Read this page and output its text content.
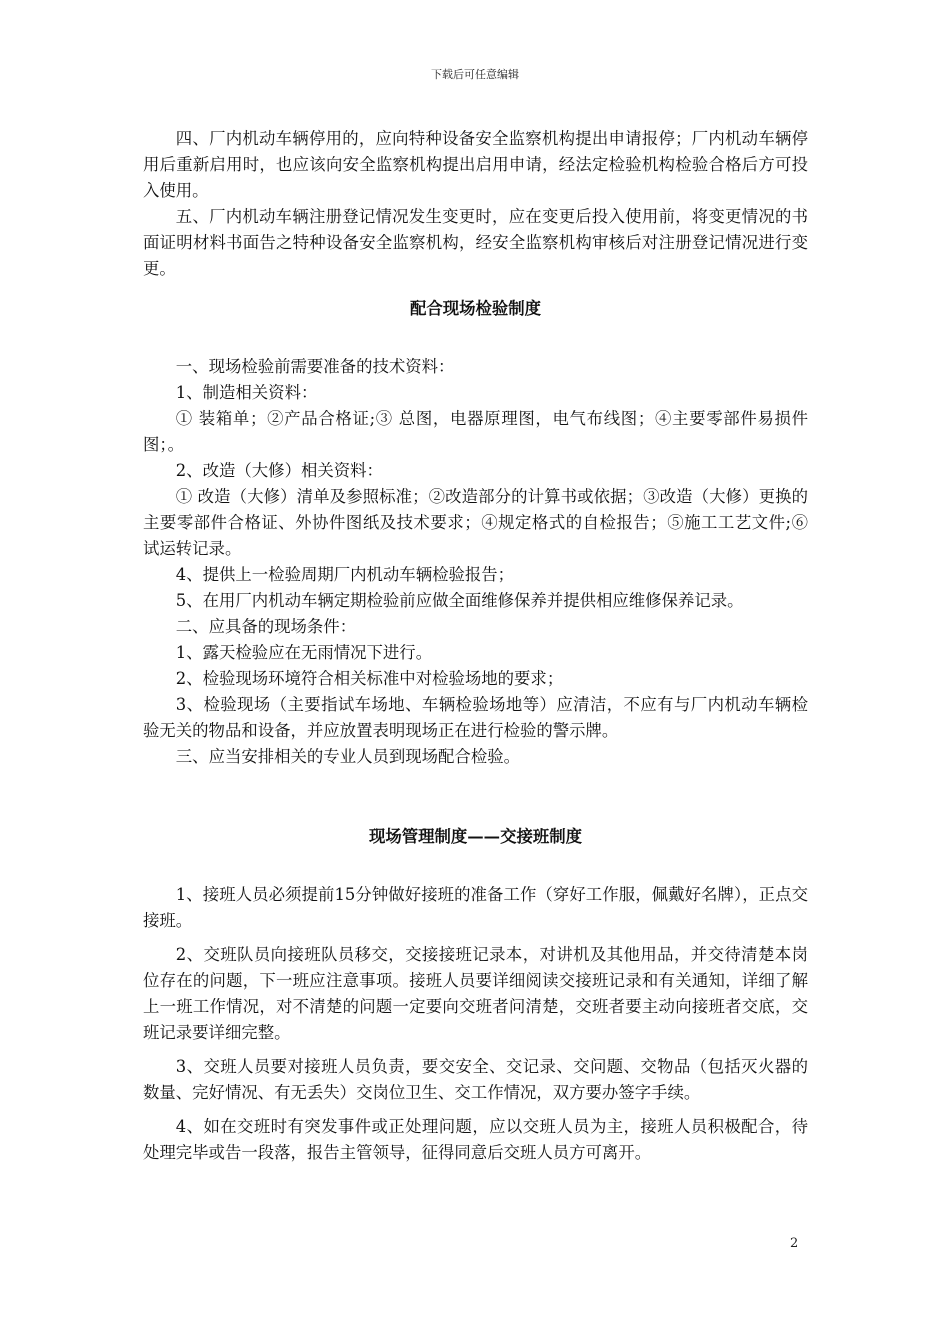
下载后可任意编辑

四、厂内机动车辆停用的，应向特种设备安全监察机构提出申请报停；厂内机动车辆停用后重新启用时，也应该向安全监察机构提出启用申请，经法定检验机构检验合格后方可投入使用。

五、厂内机动车辆注册登记情况发生变更时，应在变更后投入使用前，将变更情况的书面证明材料书面告之特种设备安全监察机构，经安全监察机构审核后对注册登记情况进行变更。

配合现场检验制度

一、现场检验前需要准备的技术资料：

1、制造相关资料：

① 装箱单；②产品合格证;③ 总图，电器原理图，电气布线图；④主要零部件易损件图；。

2、改造（大修）相关资料：

① 改造（大修）清单及参照标准；②改造部分的计算书或依据；③改造（大修）更换的主要零部件合格证、外协件图纸及技术要求；④规定格式的自检报告；⑤施工工艺文件;⑥ 试运转记录。

4、提供上一检验周期厂内机动车辆检验报告；

5、在用厂内机动车辆定期检验前应做全面维修保养并提供相应维修保养记录。

二、应具备的现场条件：

1、露天检验应在无雨情况下进行。

2、检验现场环境符合相关标准中对检验场地的要求；

3、检验现场（主要指试车场地、车辆检验场地等）应清洁，不应有与厂内机动车辆检验无关的物品和设备，并应放置表明现场正在进行检验的警示牌。

三、应当安排相关的专业人员到现场配合检验。

现场管理制度——交接班制度

1、接班人员必须提前15分钟做好接班的准备工作（穿好工作服，佩戴好名牌），正点交接班。

2、交班队员向接班队员移交，交接接班记录本，对讲机及其他用品，并交待清楚本岗位存在的问题，下一班应注意事项。接班人员要详细阅读交接班记录和有关通知，详细了解上一班工作情况，对不清楚的问题一定要向交班者问清楚，交班者要主动向接班者交底，交班记录要详细完整。

3、交班人员要对接班人员负责，要交安全、交记录、交问题、交物品（包括灭火器的数量、完好情况、有无丢失）交岗位卫生、交工作情况，双方要办签字手续。

4、如在交班时有突发事件或正处理问题，应以交班人员为主，接班人员积极配合，待处理完毕或告一段落，报告主管领导，征得同意后交班人员方可离开。

2
